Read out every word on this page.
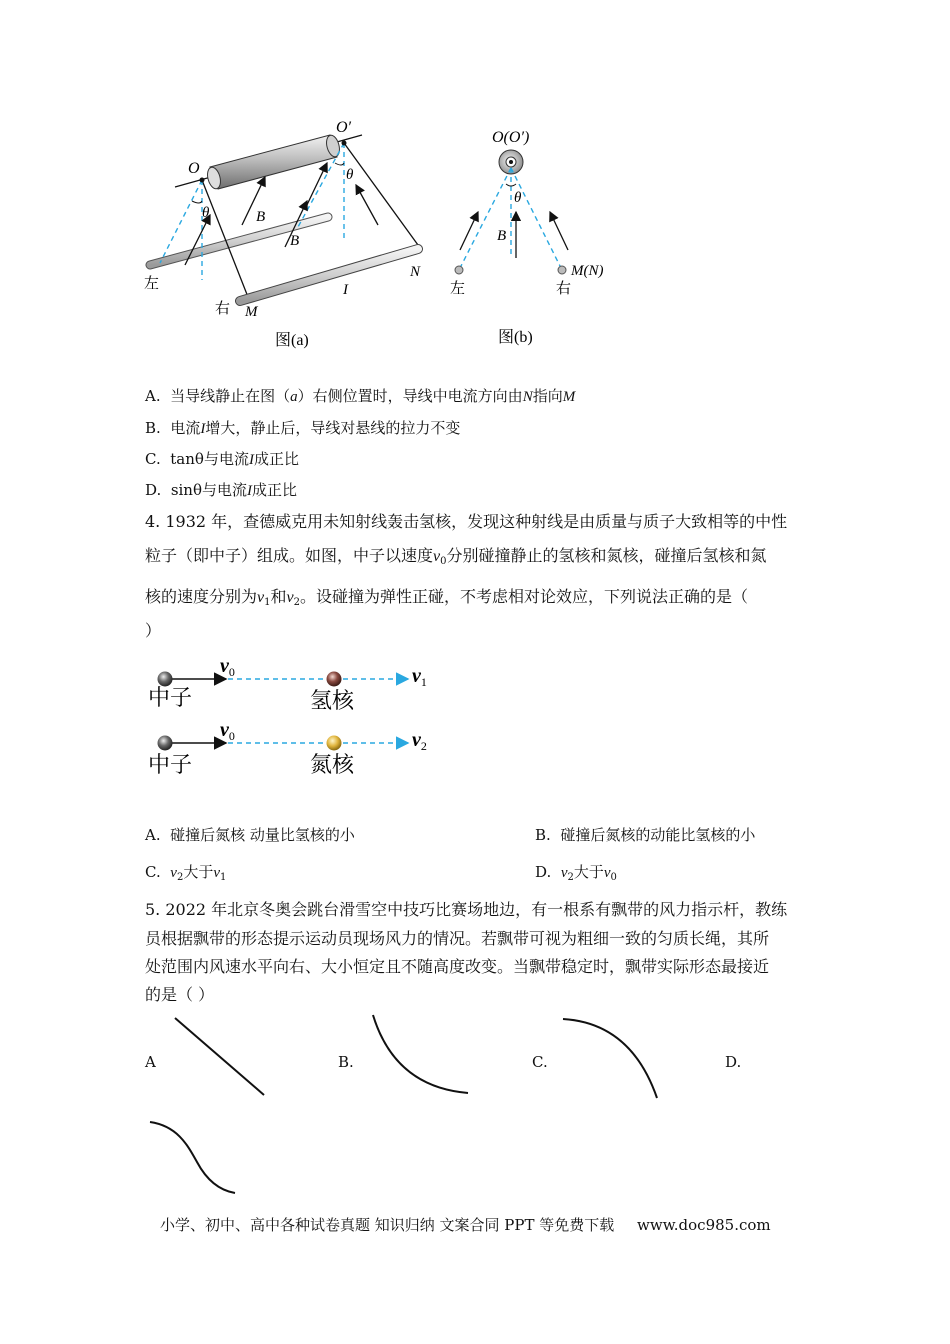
O
O′
θ
θ
B
B
I
M
N
左
右
图(a)
O(O′)
θ
B
左	右
M(N)
图(b)
A. 当导线静止在图（a）右侧位置时，导线中电流方向由N指向M
B. 电流I增大，静止后，导线对悬线的拉力不变
C. tanθ与电流I成正比
D. sinθ与电流I成正比
4. 1932 年，查德威克用未知射线轰击氢核，发现这种射线是由质量与质子大致相等的中性
粒子（即中子）组成。如图，中子以速度$v_0$分别碰撞静止的氢核和氮核，碰撞后氢核和氮
核的速度分别为$v_1$和$v_2$。设碰撞为弹性正碰，不考虑相对论效应，下列说法正确的是（
）
$v_0$	$v_1$
中子	氢核
$v_0$	$v_2$
中子	氮核
A. 碰撞后氮核 动量比氢核的小	B. 碰撞后氮核的动能比氢核的小
C. $v_2$大于$v_1$	D. $v_2$大于$v_0$
5. 2022 年北京冬奥会跳台滑雪空中技巧比赛场地边，有一根系有飘带的风力指示杆，教练
员根据飘带的形态提示运动员现场风力的情况。若飘带可视为粗细一致的匀质长绳，其所
处范围内风速水平向右、大小恒定且不随高度改变。当飘带稳定时，飘带实际形态最接近
的是（ ）
A	B.	C.	D.
小学、初中、高中各种试卷真题 知识归纳 文案合同 PPT 等免费下载 www.doc985.com
